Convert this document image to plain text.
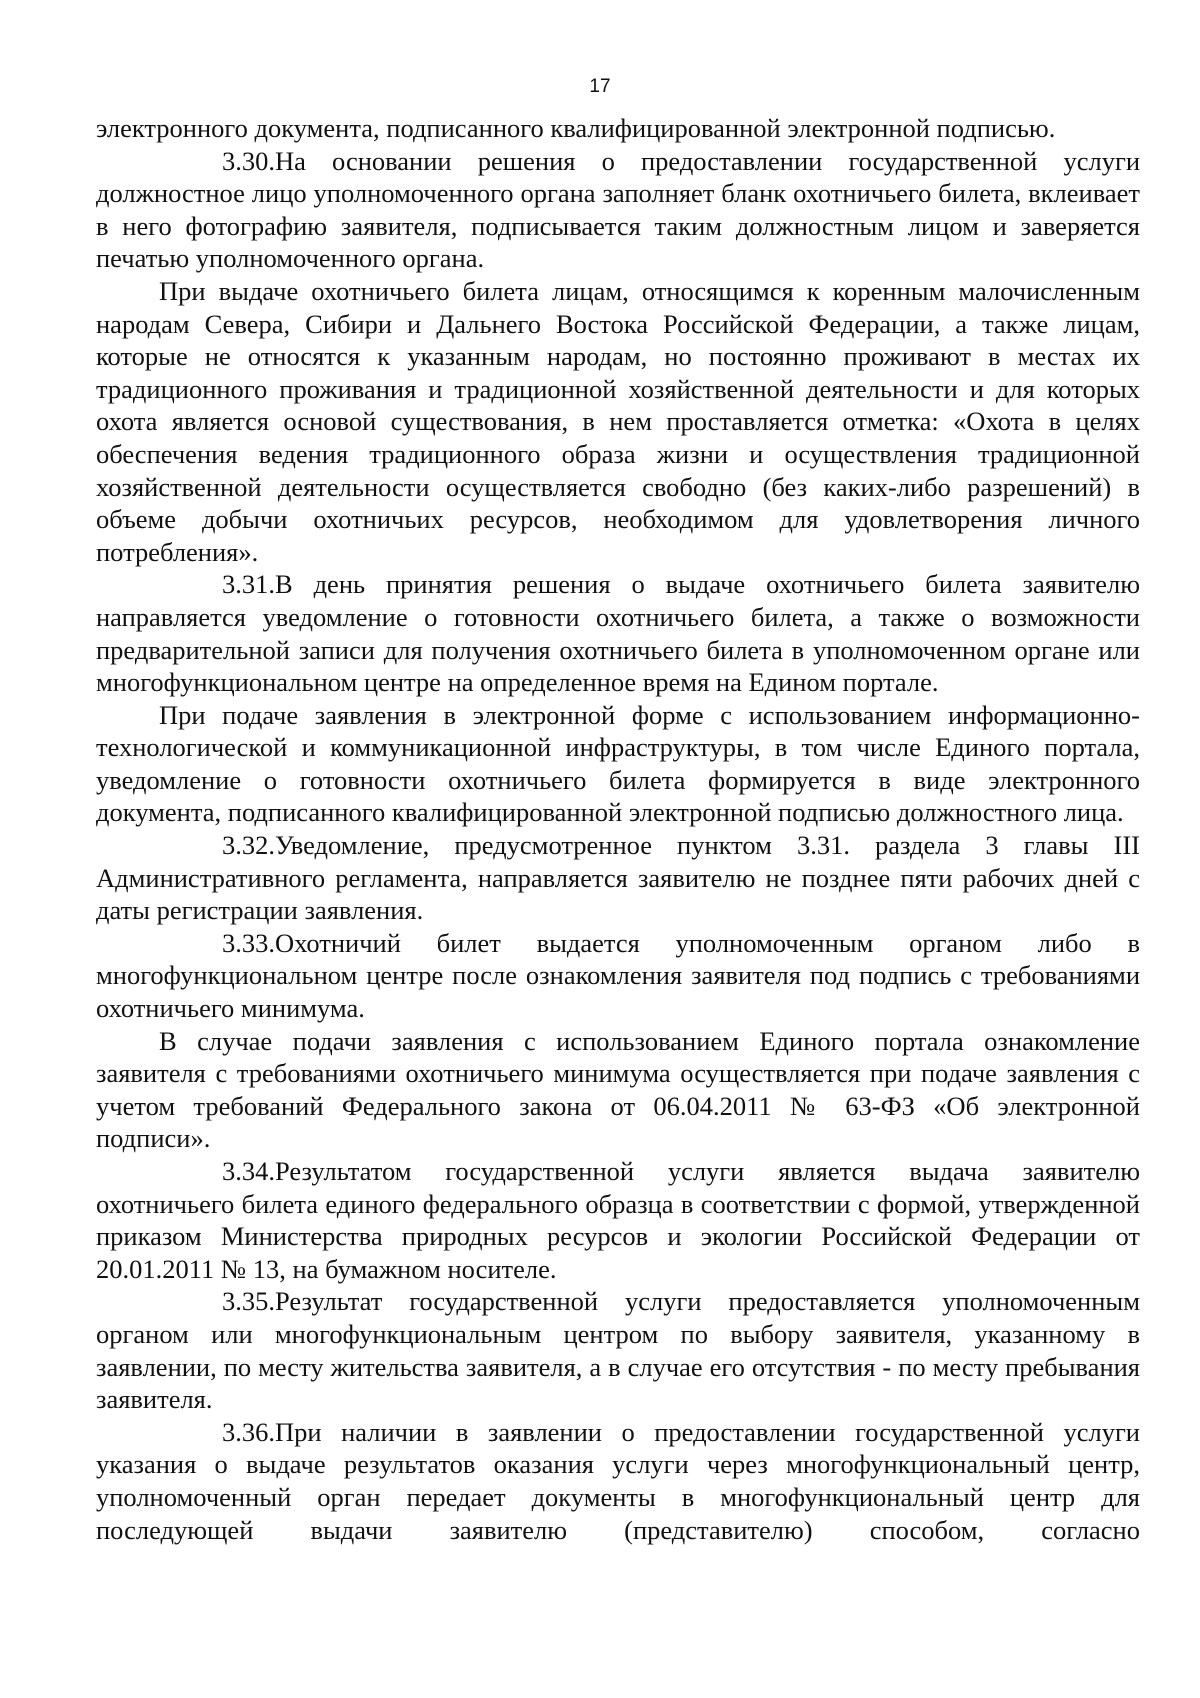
17

электронного документа, подписанного квалифицированной электронной подписью.

3.30.На основании решения о предоставлении государственной услуги должностное лицо уполномоченного органа заполняет бланк охотничьего билета, вклеивает в него фотографию заявителя, подписывается таким должностным лицом и заверяется печатью уполномоченного органа.

При выдаче охотничьего билета лицам, относящимся к коренным малочисленным народам Севера, Сибири и Дальнего Востока Российской Федерации, а также лицам, которые не относятся к указанным народам, но постоянно проживают в местах их традиционного проживания и традиционной хозяйственной деятельности и для которых охота является основой существования, в нем проставляется отметка: «Охота в целях обеспечения ведения традиционного образа жизни и осуществления традиционной хозяйственной деятельности осуществляется свободно (без каких-либо разрешений) в объеме добычи охотничьих ресурсов, необходимом для удовлетворения личного потребления».

3.31.В день принятия решения о выдаче охотничьего билета заявителю направляется уведомление о готовности охотничьего билета, а также о возможности предварительной записи для получения охотничьего билета в уполномоченном органе или многофункциональном центре на определенное время на Едином портале.

При подаче заявления в электронной форме с использованием информационно-технологической и коммуникационной инфраструктуры, в том числе Единого портала, уведомление о готовности охотничьего билета формируется в виде электронного документа, подписанного квалифицированной электронной подписью должностного лица.

3.32.Уведомление, предусмотренное пунктом 3.31. раздела 3 главы III Административного регламента, направляется заявителю не позднее пяти рабочих дней с даты регистрации заявления.

3.33.Охотничий билет выдается уполномоченным органом либо в многофункциональном центре после ознакомления заявителя под подпись с требованиями охотничьего минимума.

В случае подачи заявления с использованием Единого портала ознакомление заявителя с требованиями охотничьего минимума осуществляется при подаче заявления с учетом требований Федерального закона от 06.04.2011 № 63-ФЗ «Об электронной подписи».

3.34.Результатом государственной услуги является выдача заявителю охотничьего билета единого федерального образца в соответствии с формой, утвержденной приказом Министерства природных ресурсов и экологии Российской Федерации от 20.01.2011 № 13, на бумажном носителе.

3.35.Результат государственной услуги предоставляется уполномоченным органом или многофункциональным центром по выбору заявителя, указанному в заявлении, по месту жительства заявителя, а в случае его отсутствия - по месту пребывания заявителя.

3.36.При наличии в заявлении о предоставлении государственной услуги указания о выдаче результатов оказания услуги через многофункциональный центр, уполномоченный орган передает документы в многофункциональный центр для последующей выдачи заявителю (представителю) способом, согласно
